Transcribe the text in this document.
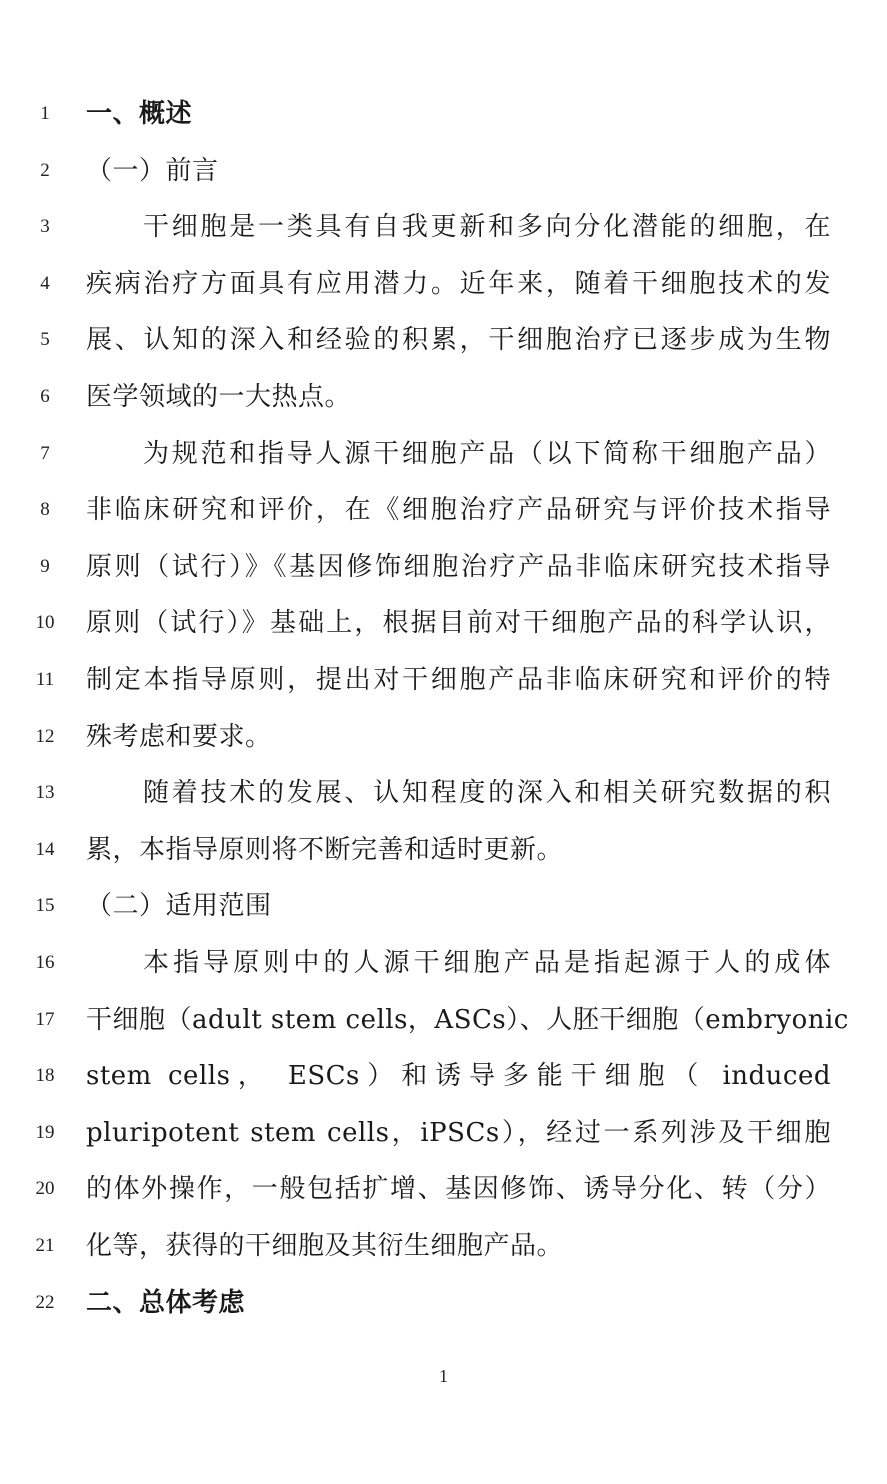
1	一、概述
2	（一）前言
3	干细胞是一类具有自我更新和多向分化潜能的细胞，在
4	疾病治疗方面具有应用潜力。近年来，随着干细胞技术的发
5	展、认知的深入和经验的积累，干细胞治疗已逐步成为生物
6	医学领域的一大热点。
7	为规范和指导人源干细胞产品（以下简称干细胞产品）
8	非临床研究和评价，在《细胞治疗产品研究与评价技术指导
9	原则（试行）》《基因修饰细胞治疗产品非临床研究技术指导
10	原则（试行）》基础上，根据目前对干细胞产品的科学认识，
11	制定本指导原则，提出对干细胞产品非临床研究和评价的特
12	殊考虑和要求。
13	随着技术的发展、认知程度的深入和相关研究数据的积
14	累，本指导原则将不断完善和适时更新。
15	（二）适用范围
16	本指导原则中的人源干细胞产品是指起源于人的成体
17	干细胞（adult stem cells，ASCs）、人胚干细胞（embryonic
18	stem cells， ESCs）和诱导多能干细胞（ induced
19	pluripotent stem cells，iPSCs），经过一系列涉及干细胞
20	的体外操作，一般包括扩增、基因修饰、诱导分化、转（分）
21	化等，获得的干细胞及其衍生细胞产品。
22	二、总体考虑
1
